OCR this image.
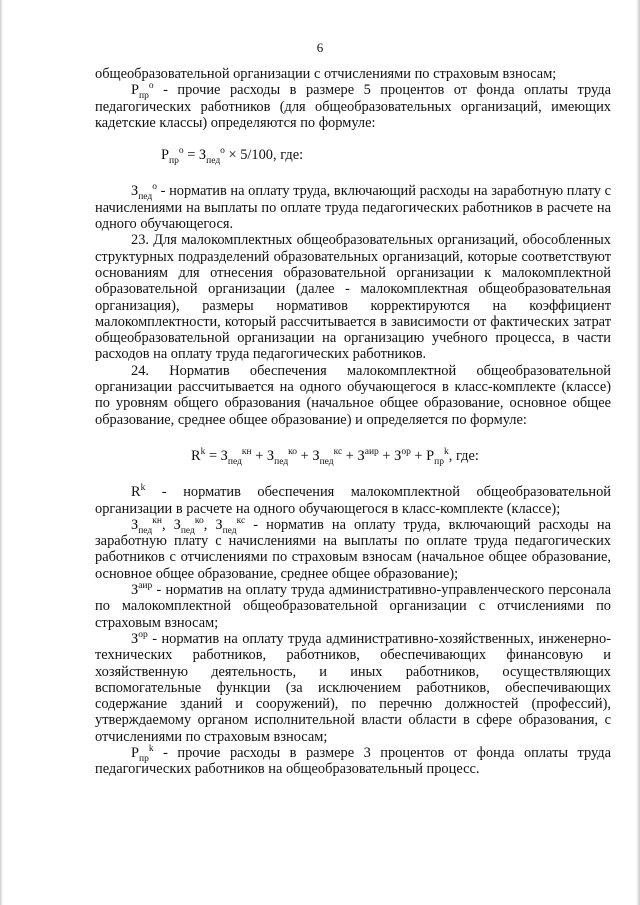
6

общеобразовательной организации с отчислениями по страховым взносам;

$Р_{пр}^о$ - прочие расходы в размере 5 процентов от фонда оплаты труда педагогических работников (для общеобразовательных организаций, имеющих кадетские классы) определяются по формуле:

$Р_{пр}^о = З_{пед}^о \times 5/100$, где:

$З_{пед}^о$ - норматив на оплату труда, включающий расходы на заработную плату с начислениями на выплаты по оплате труда педагогических работников в расчете на одного обучающегося.

23. Для малокомплектных общеобразовательных организаций, обособленных структурных подразделений образовательных организаций, которые соответствуют основаниям для отнесения образовательной организации к малокомплектной образовательной организации (далее - малокомплектная общеобразовательная организация), размеры нормативов корректируются на коэффициент малокомплектности, который рассчитывается в зависимости от фактических затрат общеобразовательной организации на организацию учебного процесса, в части расходов на оплату труда педагогических работников.

24. Норматив обеспечения малокомплектной общеобразовательной организации рассчитывается на одного обучающегося в класс-комплекте (классе) по уровням общего образования (начальное общее образование, основное общее образование, среднее общее образование) и определяется по формуле:

$R^k = З_{пед}^{кн} + З_{пед}^{ко} + З_{пед}^{кс} + З^{аир} + З^{ор} + Р_{пр}^k$, где:

$R^k$ - норматив обеспечения малокомплектной общеобразовательной организации в расчете на одного обучающегося в класс-комплекте (классе);

$З_{пед}^{кн}$, $З_{пед}^{ко}$, $З_{пед}^{кс}$ - норматив на оплату труда, включающий расходы на заработную плату с начислениями на выплаты по оплате труда педагогических работников с отчислениями по страховым взносам (начальное общее образование, основное общее образование, среднее общее образование);

$З^{аир}$ - норматив на оплату труда административно-управленческого персонала по малокомплектной общеобразовательной организации с отчислениями по страховым взносам;

$З^{ор}$ - норматив на оплату труда административно-хозяйственных, инженерно-технических работников, работников, обеспечивающих финансовую и хозяйственную деятельность, и иных работников, осуществляющих вспомогательные функции (за исключением работников, обеспечивающих содержание зданий и сооружений), по перечню должностей (профессий), утверждаемому органом исполнительной власти области в сфере образования, с отчислениями по страховым взносам;

$Р_{пр}^k$ - прочие расходы в размере 3 процентов от фонда оплаты труда педагогических работников на общеобразовательный процесс.
